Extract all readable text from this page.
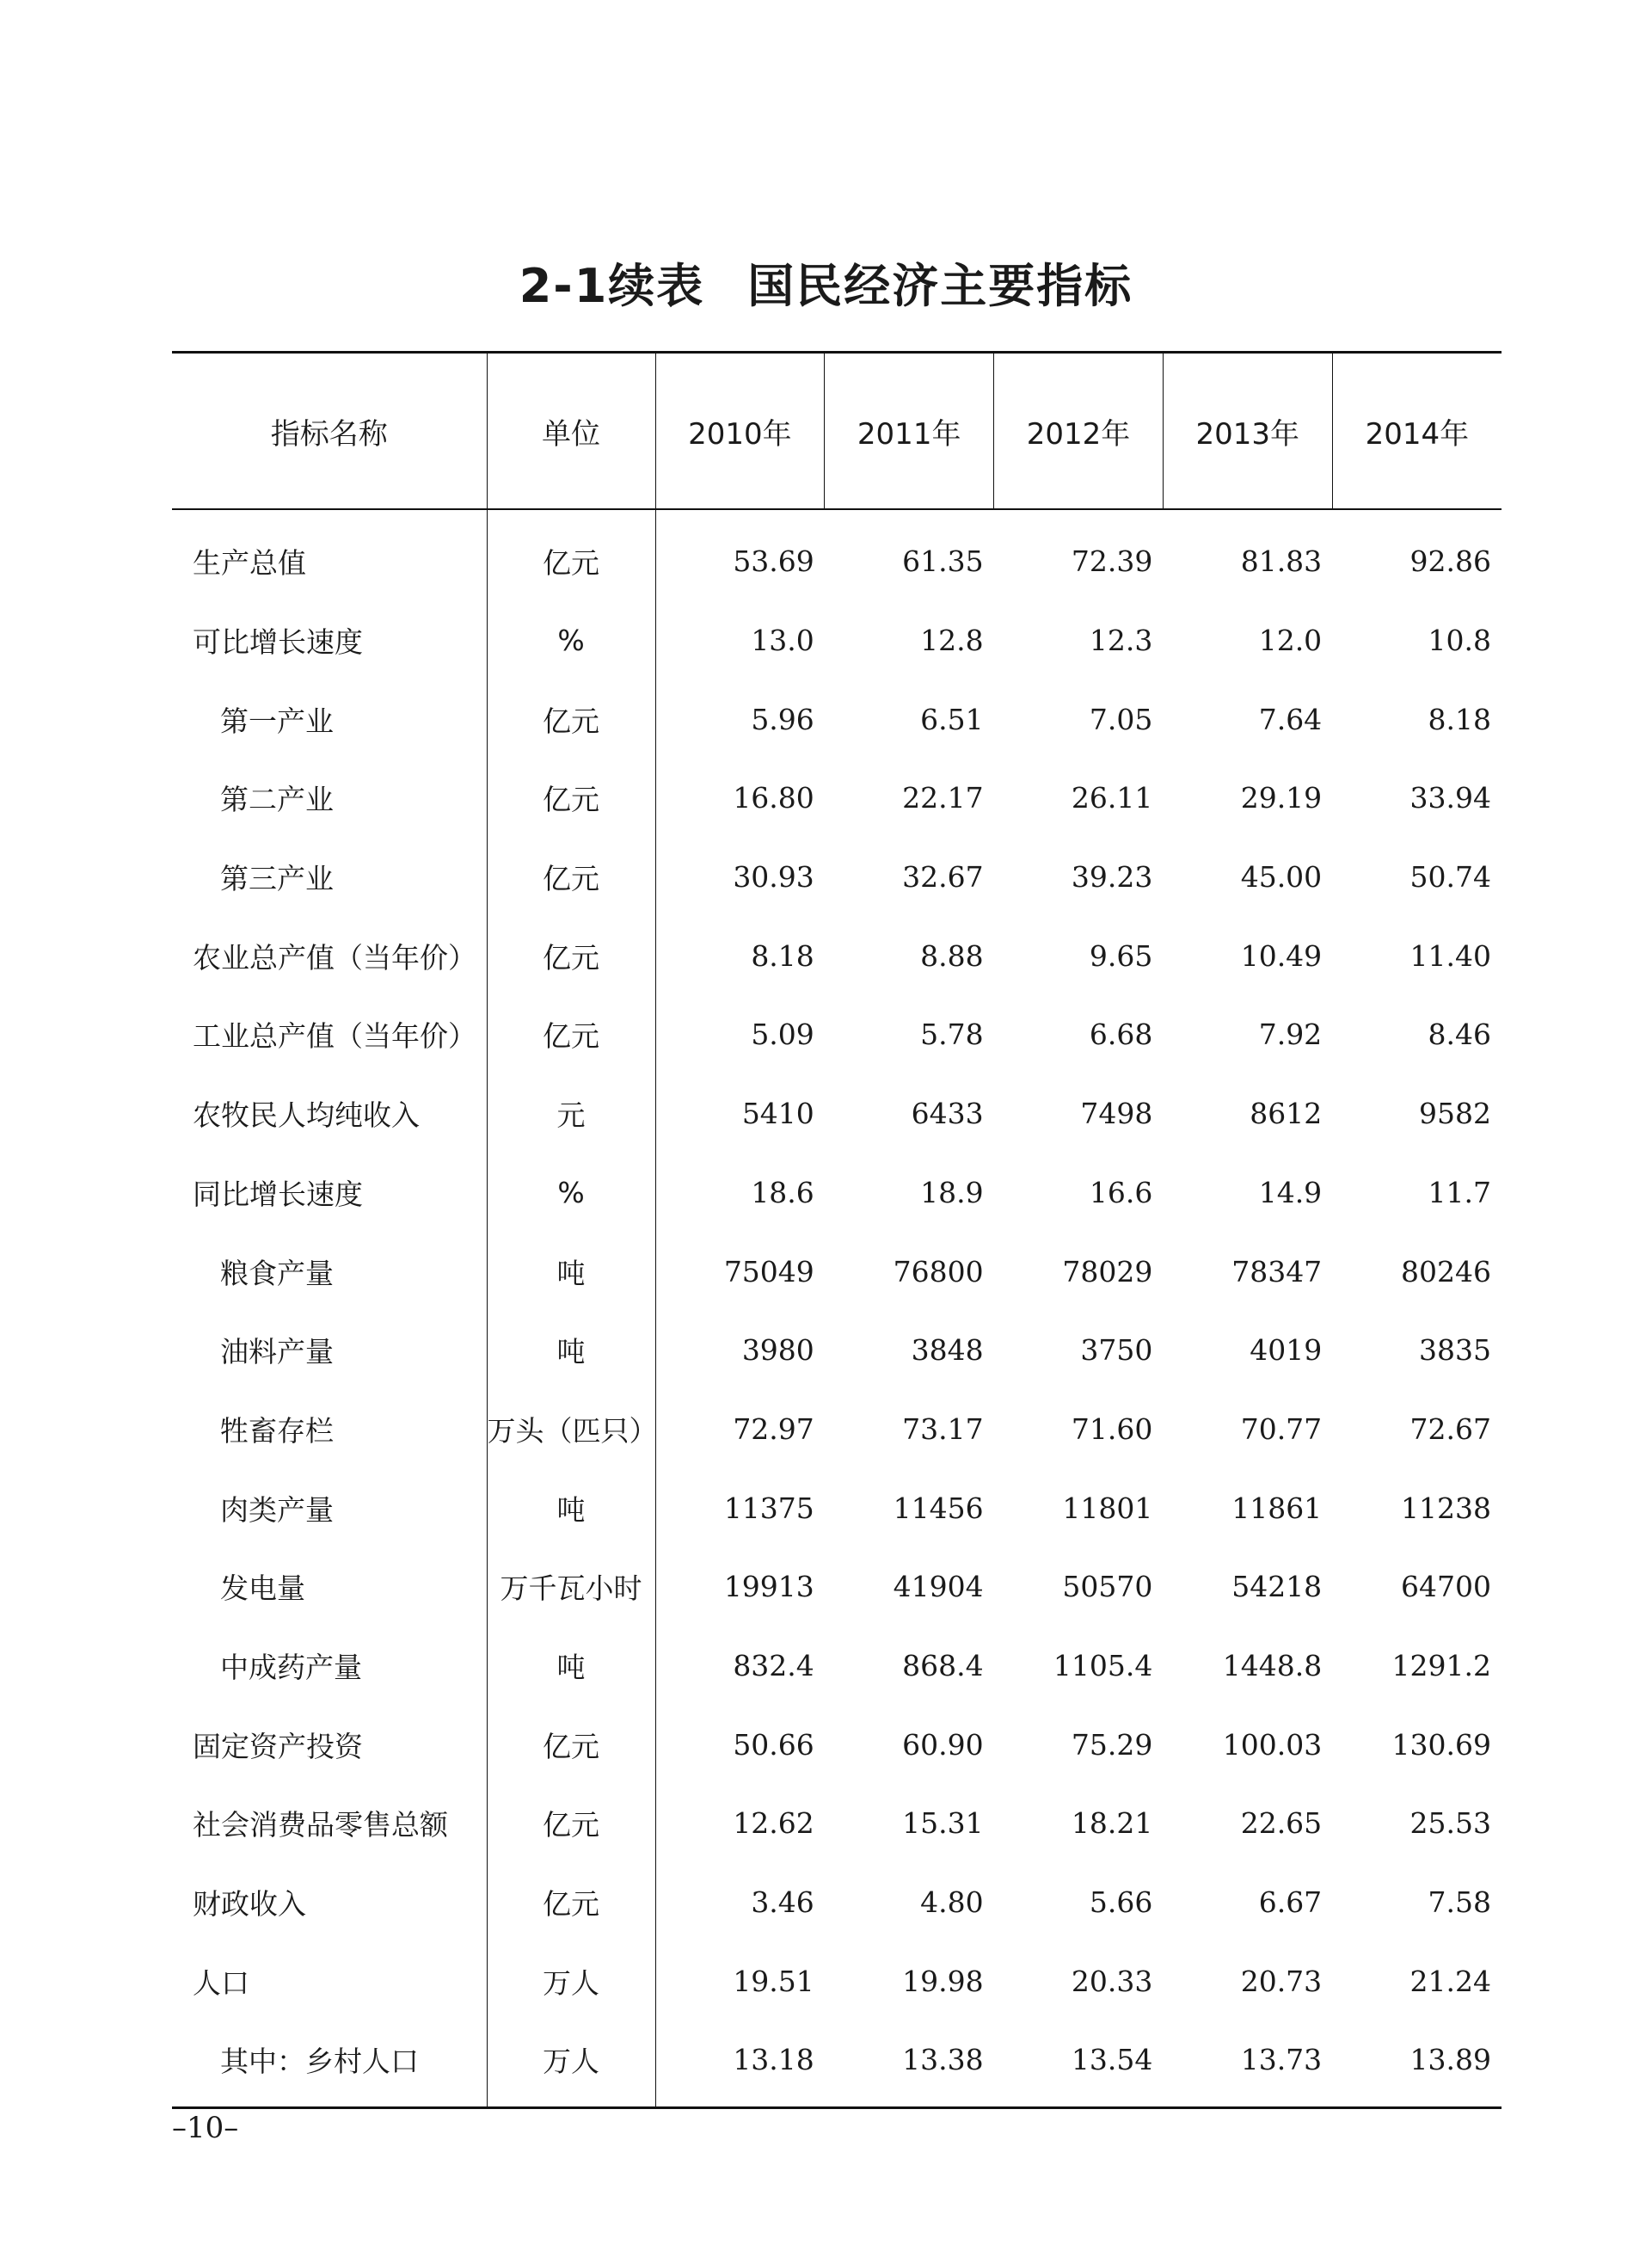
2-1续表 国民经济主要指标
指标名称	单位	2010年	2011年	2012年	2013年	2014年
生产总值	亿元	53.69	61.35	72.39	81.83	92.86
可比增长速度	%	13.0	12.8	12.3	12.0	10.8
第一产业	亿元	5.96	6.51	7.05	7.64	8.18
第二产业	亿元	16.80	22.17	26.11	29.19	33.94
第三产业	亿元	30.93	32.67	39.23	45.00	50.74
农业总产值（当年价）	亿元	8.18	8.88	9.65	10.49	11.40
工业总产值（当年价）	亿元	5.09	5.78	6.68	7.92	8.46
农牧民人均纯收入	元	5410	6433	7498	8612	9582
同比增长速度	%	18.6	18.9	16.6	14.9	11.7
粮食产量	吨	75049	76800	78029	78347	80246
油料产量	吨	3980	3848	3750	4019	3835
牲畜存栏	万头（匹只）	72.97	73.17	71.60	70.77	72.67
肉类产量	吨	11375	11456	11801	11861	11238
发电量	万千瓦小时	19913	41904	50570	54218	64700
中成药产量	吨	832.4	868.4	1105.4	1448.8	1291.2
固定资产投资	亿元	50.66	60.90	75.29	100.03	130.69
社会消费品零售总额	亿元	12.62	15.31	18.21	22.65	25.53
财政收入	亿元	3.46	4.80	5.66	6.67	7.58
人口	万人	19.51	19.98	20.33	20.73	21.24
其中：乡村人口	万人	13.18	13.38	13.54	13.73	13.89
–10–
